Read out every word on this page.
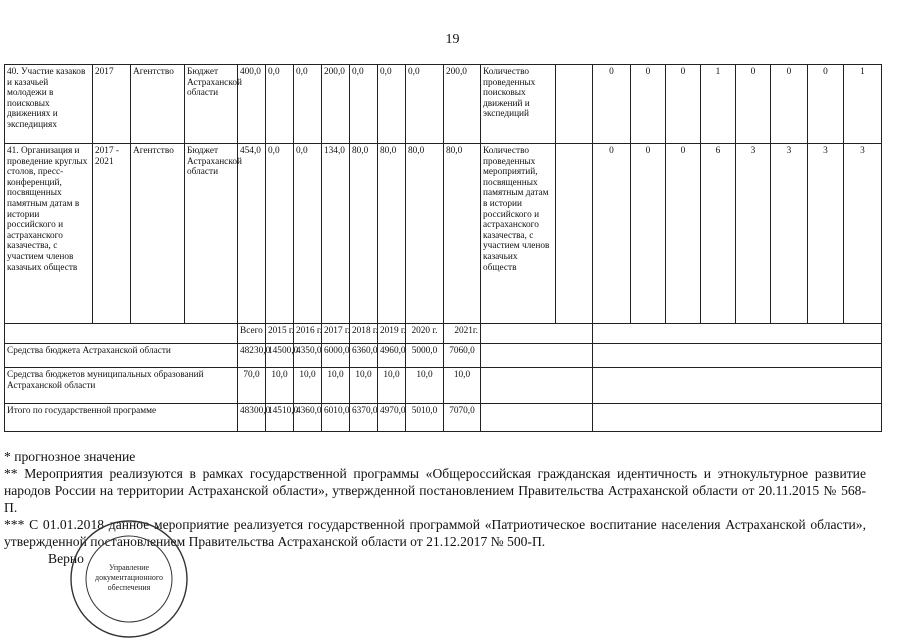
19
40. Участие казаков и казачьей молодежи в поисковых движениях и экспедициях	2017	Агентство	Бюджет Астраханской области	400,0	0,0	0,0	200,0	0,0	0,0	0,0	200,0	Количество проведенных поисковых движений и экспедиций		0	0	0	1	0	0	0	1
41. Организация и проведение круглых столов, пресс-конференций, посвященных памятным датам в истории российского и астраханского казачества, с участием членов казачьих обществ	2017 - 2021	Агентство	Бюджет Астраханской области	454,0	0,0	0,0	134,0	80,0	80,0	80,0	80,0	Количество проведенных мероприятий, посвященных памятным датам в истории российского и астраханского казачества, с участием членов казачьих обществ		0	0	0	6	3	3	3	3
				Всего	2015 г.	2016 г.	2017 г.	2018 г.	2019 г.	2020 г.	2021г.										
Средства бюджета Астраханской области				48230,0	14500,0	4350,0	6000,0	6360,0	4960,0	5000,0	7060,0										
Средства бюджетов муниципальных образований Астраханской области				70,0	10,0	10,0	10,0	10,0	10,0	10,0	10,0										
Итого по государственной программе				48300,0	14510,0	4360,0	6010,0	6370,0	4970,0	5010,0	7070,0										

* прогнозное значение

** Мероприятия реализуются в рамках государственной программы «Общероссийская гражданская идентичность и этнокультурное развитие народов России на территории Астраханской области», утвержденной постановлением Правительства Астраханской области от 20.11.2015 № 568-П.

*** С 01.01.2018 данное мероприятие реализуется государственной программой «Патриотическое воспитание населения Астраханской области», утвержденной постановлением Правительства Астраханской области от 21.12.2017 № 500-П.

Верно
Управление
документационного
обеспечения
